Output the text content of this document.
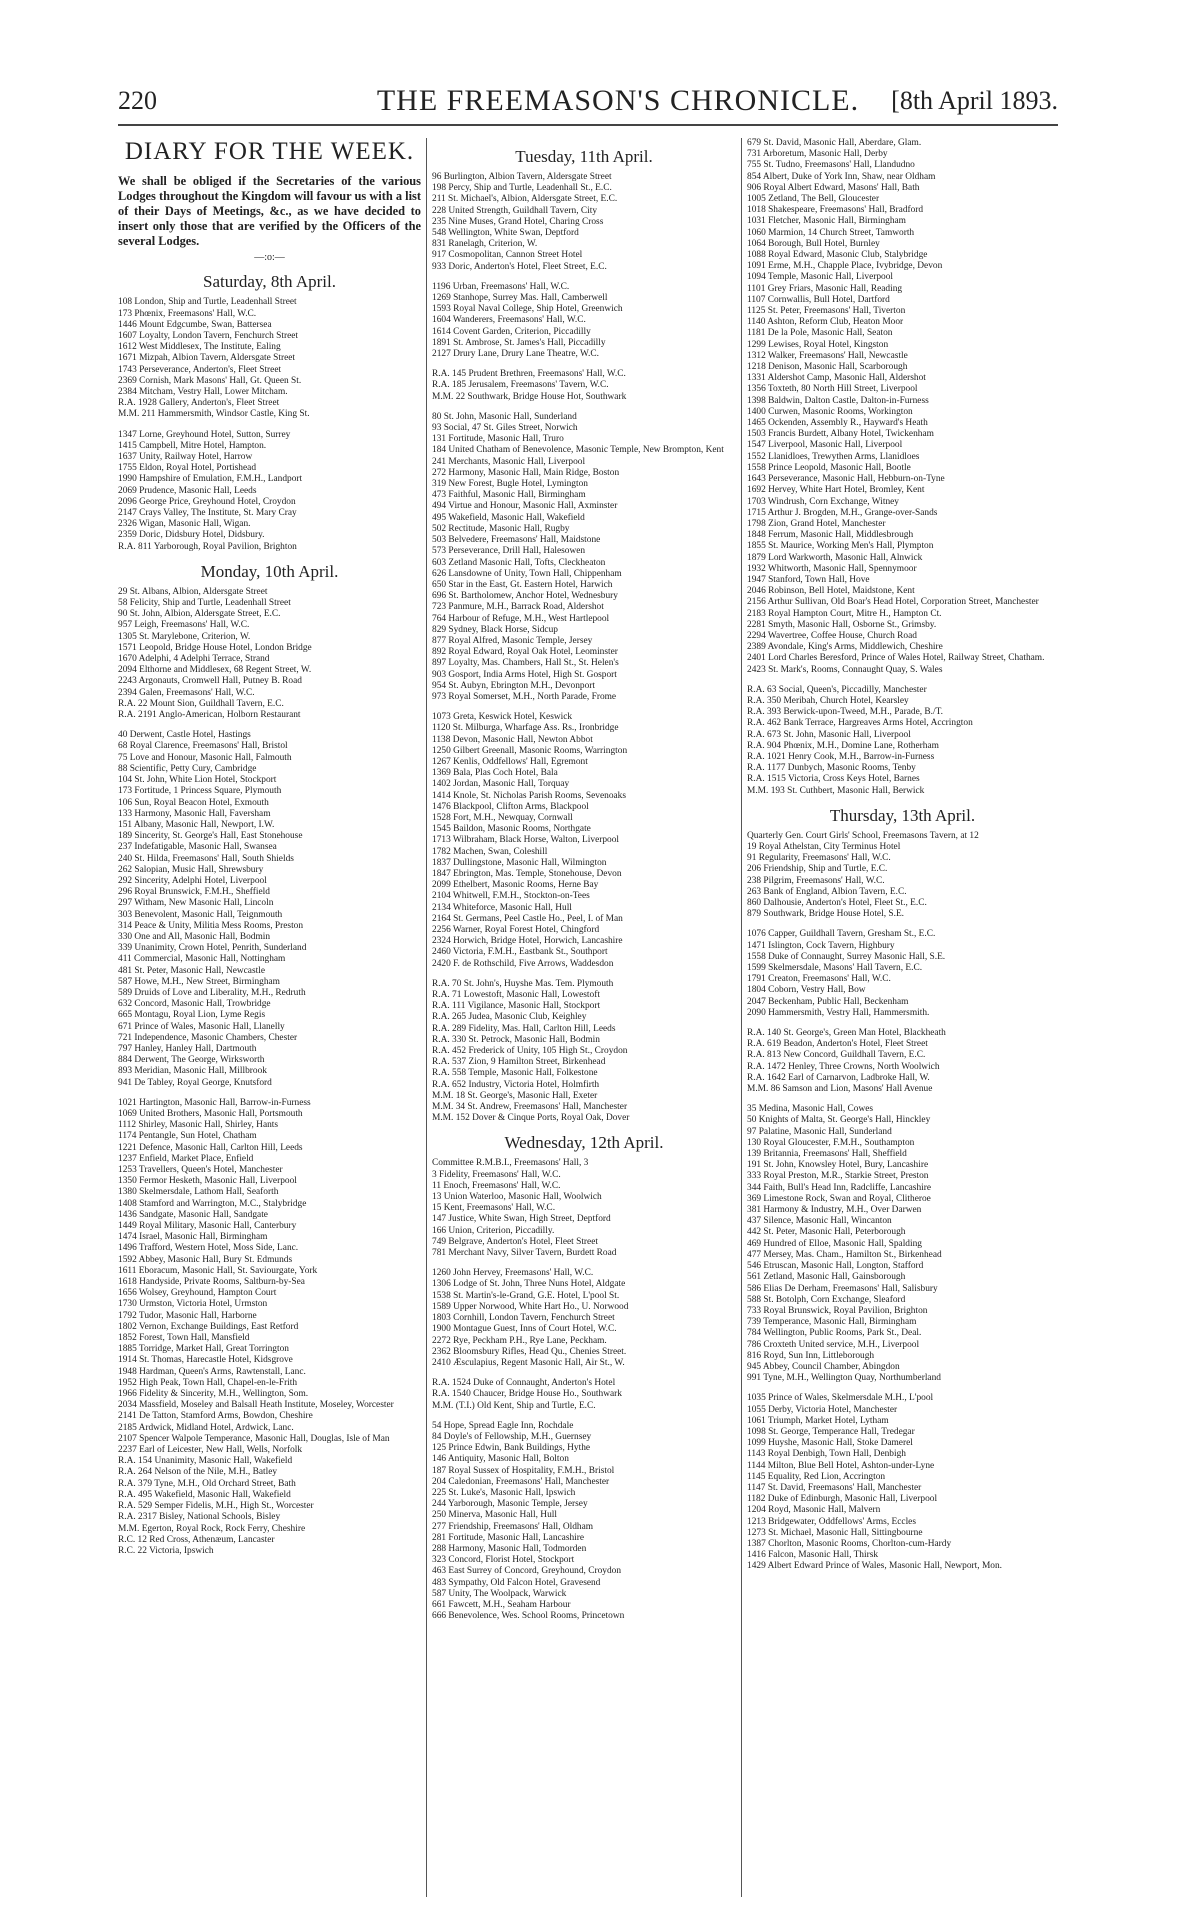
220	THE FREEMASON'S CHRONICLE.	[8th April 1893.
DIARY FOR THE WEEK.
We shall be obliged if the Secretaries of the various Lodges throughout the Kingdom will favour us with a list of their Days of Meetings, &c., as we have decided to insert only those that are verified by the Officers of the several Lodges.
—:o:—
Saturday, 8th April.
108 London, Ship and Turtle, Leadenhall Street
173 Phœnix, Freemasons' Hall, W.C.
1446 Mount Edgcumbe, Swan, Battersea
1607 Loyalty, London Tavern, Fenchurch Street
1612 West Middlesex, The Institute, Ealing
1671 Mizpah, Albion Tavern, Aldersgate Street
1743 Perseverance, Anderton's, Fleet Street
2369 Cornish, Mark Masons' Hall, Gt. Queen St.
2384 Mitcham, Vestry Hall, Lower Mitcham.
R.A. 1928 Gallery, Anderton's, Fleet Street
M.M. 211 Hammersmith, Windsor Castle, King St.
1347 Lorne, Greyhound Hotel, Sutton, Surrey
1415 Campbell, Mitre Hotel, Hampton.
1637 Unity, Railway Hotel, Harrow
1755 Eldon, Royal Hotel, Portishead
1990 Hampshire of Emulation, F.M.H., Landport
2069 Prudence, Masonic Hall, Leeds
2096 George Price, Greyhound Hotel, Croydon
2147 Crays Valley, The Institute, St. Mary Cray
2326 Wigan, Masonic Hall, Wigan.
2359 Doric, Didsbury Hotel, Didsbury.
R.A. 811 Yarborough, Royal Pavilion, Brighton
Monday, 10th April.
29 St. Albans, Albion, Aldersgate Street
58 Felicity, Ship and Turtle, Leadenhall Street
90 St. John, Albion, Aldersgate Street, E.C.
957 Leigh, Freemasons' Hall, W.C.
1305 St. Marylebone, Criterion, W.
1571 Leopold, Bridge House Hotel, London Bridge
1670 Adelphi, 4 Adelphi Terrace, Strand
2094 Elthorne and Middlesex, 68 Regent Street, W.
2243 Argonauts, Cromwell Hall, Putney B. Road
2394 Galen, Freemasons' Hall, W.C.
R.A. 22 Mount Sion, Guildhall Tavern, E.C.
R.A. 2191 Anglo-American, Holborn Restaurant
40 Derwent, Castle Hotel, Hastings
68 Royal Clarence, Freemasons' Hall, Bristol
75 Love and Honour, Masonic Hall, Falmouth
88 Scientific, Petty Cury, Cambridge
104 St. John, White Lion Hotel, Stockport
173 Fortitude, 1 Princess Square, Plymouth
106 Sun, Royal Beacon Hotel, Exmouth
133 Harmony, Masonic Hall, Faversham
151 Albany, Masonic Hall, Newport, I.W.
189 Sincerity, St. George's Hall, East Stonehouse
237 Indefatigable, Masonic Hall, Swansea
240 St. Hilda, Freemasons' Hall, South Shields
262 Salopian, Music Hall, Shrewsbury
292 Sincerity, Adelphi Hotel, Liverpool
296 Royal Brunswick, F.M.H., Sheffield
297 Witham, New Masonic Hall, Lincoln
303 Benevolent, Masonic Hall, Teignmouth
314 Peace & Unity, Militia Mess Rooms, Preston
330 One and All, Masonic Hall, Bodmin
339 Unanimity, Crown Hotel, Penrith, Sunderland
411 Commercial, Masonic Hall, Nottingham
481 St. Peter, Masonic Hall, Newcastle
587 Howe, M.H., New Street, Birmingham
589 Druids of Love and Liberality, M.H., Redruth
632 Concord, Masonic Hall, Trowbridge
665 Montagu, Royal Lion, Lyme Regis
671 Prince of Wales, Masonic Hall, Llanelly
721 Independence, Masonic Chambers, Chester
797 Hanley, Hanley Hall, Dartmouth
884 Derwent, The George, Wirksworth
893 Meridian, Masonic Hall, Millbrook
941 De Tabley, Royal George, Knutsford
1021 Hartington, Masonic Hall, Barrow-in-Furness
1069 United Brothers, Masonic Hall, Portsmouth
1112 Shirley, Masonic Hall, Shirley, Hants
1174 Pentangle, Sun Hotel, Chatham
1221 Defence, Masonic Hall, Carlton Hill, Leeds
1237 Enfield, Market Place, Enfield
1253 Travellers, Queen's Hotel, Manchester
1350 Fermor Hesketh, Masonic Hall, Liverpool
1380 Skelmersdale, Lathom Hall, Seaforth
1408 Stamford and Warrington, M.C., Stalybridge
1436 Sandgate, Masonic Hall, Sandgate
1449 Royal Military, Masonic Hall, Canterbury
1474 Israel, Masonic Hall, Birmingham
1496 Trafford, Western Hotel, Moss Side, Lanc.
1592 Abbey, Masonic Hall, Bury St. Edmunds
1611 Eboracum, Masonic Hall, St. Saviourgate, York
1618 Handyside, Private Rooms, Saltburn-by-Sea
1656 Wolsey, Greyhound, Hampton Court
1730 Urmston, Victoria Hotel, Urmston
1792 Tudor, Masonic Hall, Harborne
1802 Vernon, Exchange Buildings, East Retford
1852 Forest, Town Hall, Mansfield
1885 Torridge, Market Hall, Great Torrington
1914 St. Thomas, Harecastle Hotel, Kidsgrove
1948 Hardman, Queen's Arms, Rawtenstall, Lanc.
1952 High Peak, Town Hall, Chapel-en-le-Frith
1966 Fidelity & Sincerity, M.H., Wellington, Som.
2034 Massfield, Moseley and Balsall Heath Institute, Moseley, Worcester
2141 De Tatton, Stamford Arms, Bowdon, Cheshire
2185 Ardwick, Midland Hotel, Ardwick, Lanc.
2107 Spencer Walpole Temperance, Masonic Hall, Douglas, Isle of Man
2237 Earl of Leicester, New Hall, Wells, Norfolk
R.A. 154 Unanimity, Masonic Hall, Wakefield
R.A. 264 Nelson of the Nile, M.H., Batley
R.A. 379 Tyne, M.H., Old Orchard Street, Bath
R.A. 495 Wakefield, Masonic Hall, Wakefield
R.A. 529 Semper Fidelis, M.H., High St., Worcester
R.A. 2317 Bisley, National Schools, Bisley
M.M. Egerton, Royal Rock, Rock Ferry, Cheshire
R.C. 12 Red Cross, Athenæum, Lancaster
R.C. 22 Victoria, Ipswich
Tuesday, 11th April.
96 Burlington, Albion Tavern, Aldersgate Street
198 Percy, Ship and Turtle, Leadenhall St., E.C.
211 St. Michael's, Albion, Aldersgate Street, E.C.
228 United Strength, Guildhall Tavern, City
235 Nine Muses, Grand Hotel, Charing Cross
548 Wellington, White Swan, Deptford
831 Ranelagh, Criterion, W.
917 Cosmopolitan, Cannon Street Hotel
933 Doric, Anderton's Hotel, Fleet Street, E.C.
1196 Urban, Freemasons' Hall, W.C.
1269 Stanhope, Surrey Mas. Hall, Camberwell
1593 Royal Naval College, Ship Hotel, Greenwich
1604 Wanderers, Freemasons' Hall, W.C.
1614 Covent Garden, Criterion, Piccadilly
1891 St. Ambrose, St. James's Hall, Piccadilly
2127 Drury Lane, Drury Lane Theatre, W.C.
R.A. 145 Prudent Brethren, Freemasons' Hall, W.C.
R.A. 185 Jerusalem, Freemasons' Tavern, W.C.
M.M. 22 Southwark, Bridge House Hot, Southwark
80 St. John, Masonic Hall, Sunderland
93 Social, 47 St. Giles Street, Norwich
131 Fortitude, Masonic Hall, Truro
184 United Chatham of Benevolence, Masonic Temple, New Brompton, Kent
241 Merchants, Masonic Hall, Liverpool
272 Harmony, Masonic Hall, Main Ridge, Boston
319 New Forest, Bugle Hotel, Lymington
473 Faithful, Masonic Hall, Birmingham
494 Virtue and Honour, Masonic Hall, Axminster
495 Wakefield, Masonic Hall, Wakefield
502 Rectitude, Masonic Hall, Rugby
503 Belvedere, Freemasons' Hall, Maidstone
573 Perseverance, Drill Hall, Halesowen
603 Zetland Masonic Hall, Tofts, Cleckheaton
626 Lansdowne of Unity, Town Hall, Chippenham
650 Star in the East, Gt. Eastern Hotel, Harwich
696 St. Bartholomew, Anchor Hotel, Wednesbury
723 Panmure, M.H., Barrack Road, Aldershot
764 Harbour of Refuge, M.H., West Hartlepool
829 Sydney, Black Horse, Sidcup
877 Royal Alfred, Masonic Temple, Jersey
892 Royal Edward, Royal Oak Hotel, Leominster
897 Loyalty, Mas. Chambers, Hall St., St. Helen's
903 Gosport, India Arms Hotel, High St. Gosport
954 St. Aubyn, Ebrington M.H., Devonport
973 Royal Somerset, M.H., North Parade, Frome
1073 Greta, Keswick Hotel, Keswick
1120 St. Milburga, Wharfage Ass. Rs., Ironbridge
1138 Devon, Masonic Hall, Newton Abbot
1250 Gilbert Greenall, Masonic Rooms, Warrington
1267 Kenlis, Oddfellows' Hall, Egremont
1369 Bala, Plas Coch Hotel, Bala
1402 Jordan, Masonic Hall, Torquay
1414 Knole, St. Nicholas Parish Rooms, Sevenoaks
1476 Blackpool, Clifton Arms, Blackpool
1528 Fort, M.H., Newquay, Cornwall
1545 Baildon, Masonic Rooms, Northgate
1713 Wilbraham, Black Horse, Walton, Liverpool
1782 Machen, Swan, Coleshill
1837 Dullingstone, Masonic Hall, Wilmington
1847 Ebrington, Mas. Temple, Stonehouse, Devon
2099 Ethelbert, Masonic Rooms, Herne Bay
2104 Whitwell, F.M.H., Stockton-on-Tees
2134 Whiteforce, Masonic Hall, Hull
2164 St. Germans, Peel Castle Ho., Peel, I. of Man
2256 Warner, Royal Forest Hotel, Chingford
2324 Horwich, Bridge Hotel, Horwich, Lancashire
2460 Victoria, F.M.H., Eastbank St., Southport
2420 F. de Rothschild, Five Arrows, Waddesdon
R.A. 70 St. John's, Huyshe Mas. Tem. Plymouth
R.A. 71 Lowestoft, Masonic Hall, Lowestoft
R.A. 111 Vigilance, Masonic Hall, Stockport
R.A. 265 Judea, Masonic Club, Keighley
R.A. 289 Fidelity, Mas. Hall, Carlton Hill, Leeds
R.A. 330 St. Petrock, Masonic Hall, Bodmin
R.A. 452 Frederick of Unity, 105 High St., Croydon
R.A. 537 Zion, 9 Hamilton Street, Birkenhead
R.A. 558 Temple, Masonic Hall, Folkestone
R.A. 652 Industry, Victoria Hotel, Holmfirth
M.M. 18 St. George's, Masonic Hall, Exeter
M.M. 34 St. Andrew, Freemasons' Hall, Manchester
M.M. 152 Dover & Cinque Ports, Royal Oak, Dover
Wednesday, 12th April.
Committee R.M.B.I., Freemasons' Hall, 3
3 Fidelity, Freemasons' Hall, W.C.
11 Enoch, Freemasons' Hall, W.C.
13 Union Waterloo, Masonic Hall, Woolwich
15 Kent, Freemasons' Hall, W.C.
147 Justice, White Swan, High Street, Deptford
166 Union, Criterion, Piccadilly.
749 Belgrave, Anderton's Hotel, Fleet Street
781 Merchant Navy, Silver Tavern, Burdett Road
1260 John Hervey, Freemasons' Hall, W.C.
1306 Lodge of St. John, Three Nuns Hotel, Aldgate
1538 St. Martin's-le-Grand, G.E. Hotel, L'pool St.
1589 Upper Norwood, White Hart Ho., U. Norwood
1803 Cornhill, London Tavern, Fenchurch Street
1900 Montague Guest, Inns of Court Hotel, W.C.
2272 Rye, Peckham P.H., Rye Lane, Peckham.
2362 Bloomsbury Rifles, Head Qu., Chenies Street.
2410 Æsculapius, Regent Masonic Hall, Air St., W.
R.A. 1524 Duke of Connaught, Anderton's Hotel
R.A. 1540 Chaucer, Bridge House Ho., Southwark
M.M. (T.I.) Old Kent, Ship and Turtle, E.C.
54 Hope, Spread Eagle Inn, Rochdale
84 Doyle's of Fellowship, M.H., Guernsey
125 Prince Edwin, Bank Buildings, Hythe
146 Antiquity, Masonic Hall, Bolton
187 Royal Sussex of Hospitality, F.M.H., Bristol
204 Caledonian, Freemasons' Hall, Manchester
225 St. Luke's, Masonic Hall, Ipswich
244 Yarborough, Masonic Temple, Jersey
250 Minerva, Masonic Hall, Hull
277 Friendship, Freemasons' Hall, Oldham
281 Fortitude, Masonic Hall, Lancashire
288 Harmony, Masonic Hall, Todmorden
323 Concord, Florist Hotel, Stockport
463 East Surrey of Concord, Greyhound, Croydon
483 Sympathy, Old Falcon Hotel, Gravesend
587 Unity, The Woolpack, Warwick
661 Fawcett, M.H., Seaham Harbour
666 Benevolence, Wes. School Rooms, Princetown
679 St. David, Masonic Hall, Aberdare, Glam.
731 Arboretum, Masonic Hall, Derby
755 St. Tudno, Freemasons' Hall, Llandudno
854 Albert, Duke of York Inn, Shaw, near Oldham
906 Royal Albert Edward, Masons' Hall, Bath
1005 Zetland, The Bell, Gloucester
1018 Shakespeare, Freemasons' Hall, Bradford
1031 Fletcher, Masonic Hall, Birmingham
1060 Marmion, 14 Church Street, Tamworth
1064 Borough, Bull Hotel, Burnley
1088 Royal Edward, Masonic Club, Stalybridge
1091 Erme, M.H., Chapple Place, Ivybridge, Devon
1094 Temple, Masonic Hall, Liverpool
1101 Grey Friars, Masonic Hall, Reading
1107 Cornwallis, Bull Hotel, Dartford
1125 St. Peter, Freemasons' Hall, Tiverton
1140 Ashton, Reform Club, Heaton Moor
1181 De la Pole, Masonic Hall, Seaton
1299 Lewises, Royal Hotel, Kingston
1312 Walker, Freemasons' Hall, Newcastle
1218 Denison, Masonic Hall, Scarborough
1331 Aldershot Camp, Masonic Hall, Aldershot
1356 Toxteth, 80 North Hill Street, Liverpool
1398 Baldwin, Dalton Castle, Dalton-in-Furness
1400 Curwen, Masonic Rooms, Workington
1465 Ockenden, Assembly R., Hayward's Heath
1503 Francis Burdett, Albany Hotel, Twickenham
1547 Liverpool, Masonic Hall, Liverpool
1552 Llanidloes, Trewythen Arms, Llanidloes
1558 Prince Leopold, Masonic Hall, Bootle
1643 Perseverance, Masonic Hall, Hebburn-on-Tyne
1692 Hervey, White Hart Hotel, Bromley, Kent
1703 Windrush, Corn Exchange, Witney
1715 Arthur J. Brogden, M.H., Grange-over-Sands
1798 Zion, Grand Hotel, Manchester
1848 Ferrum, Masonic Hall, Middlesbrough
1855 St. Maurice, Working Men's Hall, Plympton
1879 Lord Warkworth, Masonic Hall, Alnwick
1932 Whitworth, Masonic Hall, Spennymoor
1947 Stanford, Town Hall, Hove
2046 Robinson, Bell Hotel, Maidstone, Kent
2156 Arthur Sullivan, Old Boar's Head Hotel, Corporation Street, Manchester
2183 Royal Hampton Court, Mitre H., Hampton Ct.
2281 Smyth, Masonic Hall, Osborne St., Grimsby.
2294 Wavertree, Coffee House, Church Road
2389 Avondale, King's Arms, Middlewich, Cheshire
2401 Lord Charles Beresford, Prince of Wales Hotel, Railway Street, Chatham.
2423 St. Mark's, Rooms, Connaught Quay, S. Wales
R.A. 63 Social, Queen's, Piccadilly, Manchester
R.A. 350 Meribah, Church Hotel, Kearsley
R.A. 393 Berwick-upon-Tweed, M.H., Parade, B./T.
R.A. 462 Bank Terrace, Hargreaves Arms Hotel, Accrington
R.A. 673 St. John, Masonic Hall, Liverpool
R.A. 904 Phœnix, M.H., Domine Lane, Rotherham
R.A. 1021 Henry Cook, M.H., Barrow-in-Furness
R.A. 1177 Dunbych, Masonic Rooms, Tenby
R.A. 1515 Victoria, Cross Keys Hotel, Barnes
M.M. 193 St. Cuthbert, Masonic Hall, Berwick
Thursday, 13th April.
Quarterly Gen. Court Girls' School, Freemasons Tavern, at 12
19 Royal Athelstan, City Terminus Hotel
91 Regularity, Freemasons' Hall, W.C.
206 Friendship, Ship and Turtle, E.C.
238 Pilgrim, Freemasons' Hall, W.C.
263 Bank of England, Albion Tavern, E.C.
860 Dalhousie, Anderton's Hotel, Fleet St., E.C.
879 Southwark, Bridge House Hotel, S.E.
1076 Capper, Guildhall Tavern, Gresham St., E.C.
1471 Islington, Cock Tavern, Highbury
1558 Duke of Connaught, Surrey Masonic Hall, S.E.
1599 Skelmersdale, Masons' Hall Tavern, E.C.
1791 Creaton, Freemasons' Hall, W.C.
1804 Coborn, Vestry Hall, Bow
2047 Beckenham, Public Hall, Beckenham
2090 Hammersmith, Vestry Hall, Hammersmith.
R.A. 140 St. George's, Green Man Hotel, Blackheath
R.A. 619 Beadon, Anderton's Hotel, Fleet Street
R.A. 813 New Concord, Guildhall Tavern, E.C.
R.A. 1472 Henley, Three Crowns, North Woolwich
R.A. 1642 Earl of Carnarvon, Ladbroke Hall, W.
M.M. 86 Samson and Lion, Masons' Hall Avenue
35 Medina, Masonic Hall, Cowes
50 Knights of Malta, St. George's Hall, Hinckley
97 Palatine, Masonic Hall, Sunderland
130 Royal Gloucester, F.M.H., Southampton
139 Britannia, Freemasons' Hall, Sheffield
191 St. John, Knowsley Hotel, Bury, Lancashire
333 Royal Preston, M.R., Starkie Street, Preston
344 Faith, Bull's Head Inn, Radcliffe, Lancashire
369 Limestone Rock, Swan and Royal, Clitheroe
381 Harmony & Industry, M.H., Over Darwen
437 Silence, Masonic Hall, Wincanton
442 St. Peter, Masonic Hall, Peterborough
469 Hundred of Elloe, Masonic Hall, Spalding
477 Mersey, Mas. Cham., Hamilton St., Birkenhead
546 Etruscan, Masonic Hall, Longton, Stafford
561 Zetland, Masonic Hall, Gainsborough
586 Elias De Derham, Freemasons' Hall, Salisbury
588 St. Botolph, Corn Exchange, Sleaford
733 Royal Brunswick, Royal Pavilion, Brighton
739 Temperance, Masonic Hall, Birmingham
784 Wellington, Public Rooms, Park St., Deal.
786 Croxteth United service, M.H., Liverpool
816 Royd, Sun Inn, Littleborough
945 Abbey, Council Chamber, Abingdon
991 Tyne, M.H., Wellington Quay, Northumberland
1035 Prince of Wales, Skelmersdale M.H., L'pool
1055 Derby, Victoria Hotel, Manchester
1061 Triumph, Market Hotel, Lytham
1098 St. George, Temperance Hall, Tredegar
1099 Huyshe, Masonic Hall, Stoke Damerel
1143 Royal Denbigh, Town Hall, Denbigh
1144 Milton, Blue Bell Hotel, Ashton-under-Lyne
1145 Equality, Red Lion, Accrington
1147 St. David, Freemasons' Hall, Manchester
1182 Duke of Edinburgh, Masonic Hall, Liverpool
1204 Royd, Masonic Hall, Malvern
1213 Bridgewater, Oddfellows' Arms, Eccles
1273 St. Michael, Masonic Hall, Sittingbourne
1387 Chorlton, Masonic Rooms, Chorlton-cum-Hardy
1416 Falcon, Masonic Hall, Thirsk
1429 Albert Edward Prince of Wales, Masonic Hall, Newport, Mon.
